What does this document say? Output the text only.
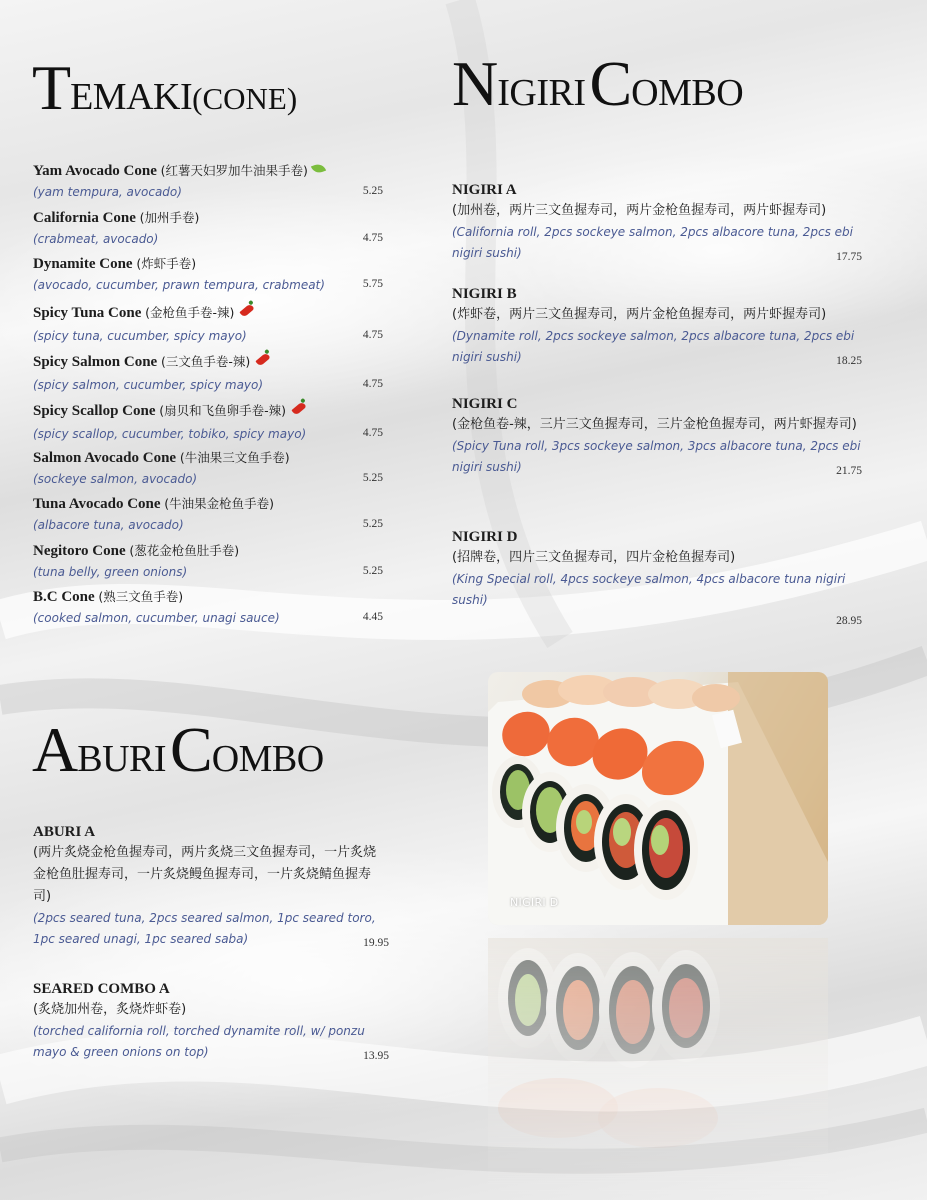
TEMAKI(CONE)
Yam Avocado Cone (红薯天妇罗加牛油果手卷)
(yam tempura, avocado)	5.25
California Cone (加州手卷)
(crabmeat, avocado)	4.75
Dynamite Cone (炸虾手卷)
(avocado, cucumber, prawn tempura, crabmeat)	5.75
Spicy Tuna Cone (金枪鱼手卷-辣)
(spicy tuna, cucumber, spicy mayo)	4.75
Spicy Salmon Cone (三文鱼手卷-辣)
(spicy salmon, cucumber, spicy mayo)	4.75
Spicy Scallop Cone (扇贝和飞鱼卵手卷-辣)
(spicy scallop, cucumber, tobiko, spicy mayo)	4.75
Salmon Avocado Cone (牛油果三文鱼手卷)
(sockeye salmon, avocado)	5.25
Tuna Avocado Cone (牛油果金枪鱼手卷)
(albacore tuna, avocado)	5.25
Negitoro Cone (葱花金枪鱼肚手卷)
(tuna belly, green onions)	5.25
B.C Cone (熟三文鱼手卷)
(cooked salmon, cucumber, unagi sauce)	4.45
NIGIRI COMBO
NIGIRI A
(加州卷，两片三文鱼握寿司，两片金枪鱼握寿司，两片虾握寿司)
(California roll, 2pcs sockeye salmon, 2pcs albacore tuna, 2pcs ebi nigiri sushi)	17.75
NIGIRI B
(炸虾卷，两片三文鱼握寿司，两片金枪鱼握寿司，两片虾握寿司)
(Dynamite roll, 2pcs sockeye salmon, 2pcs albacore tuna, 2pcs ebi nigiri sushi)	18.25
NIGIRI C
(金枪鱼卷-辣，三片三文鱼握寿司，三片金枪鱼握寿司，两片虾握寿司)
(Spicy Tuna roll, 3pcs sockeye salmon, 3pcs albacore tuna, 2pcs ebi nigiri sushi)	21.75
NIGIRI D
(招牌卷，四片三文鱼握寿司，四片金枪鱼握寿司)
(King Special roll, 4pcs sockeye salmon, 4pcs albacore tuna nigiri sushi)
28.95
ABURI COMBO
ABURI A
(两片炙烧金枪鱼握寿司，两片炙烧三文鱼握寿司，一片炙烧金枪鱼肚握寿司，一片炙烧鳗鱼握寿司，一片炙烧鲭鱼握寿司)
(2pcs seared tuna, 2pcs seared salmon, 1pc seared toro, 1pc seared unagi, 1pc seared saba)	19.95
SEARED COMBO A
(炙烧加州卷，炙烧炸虾卷)
(torched california roll, torched dynamite roll, w/ ponzu mayo & green onions on top)	13.95
NIGIRI D
